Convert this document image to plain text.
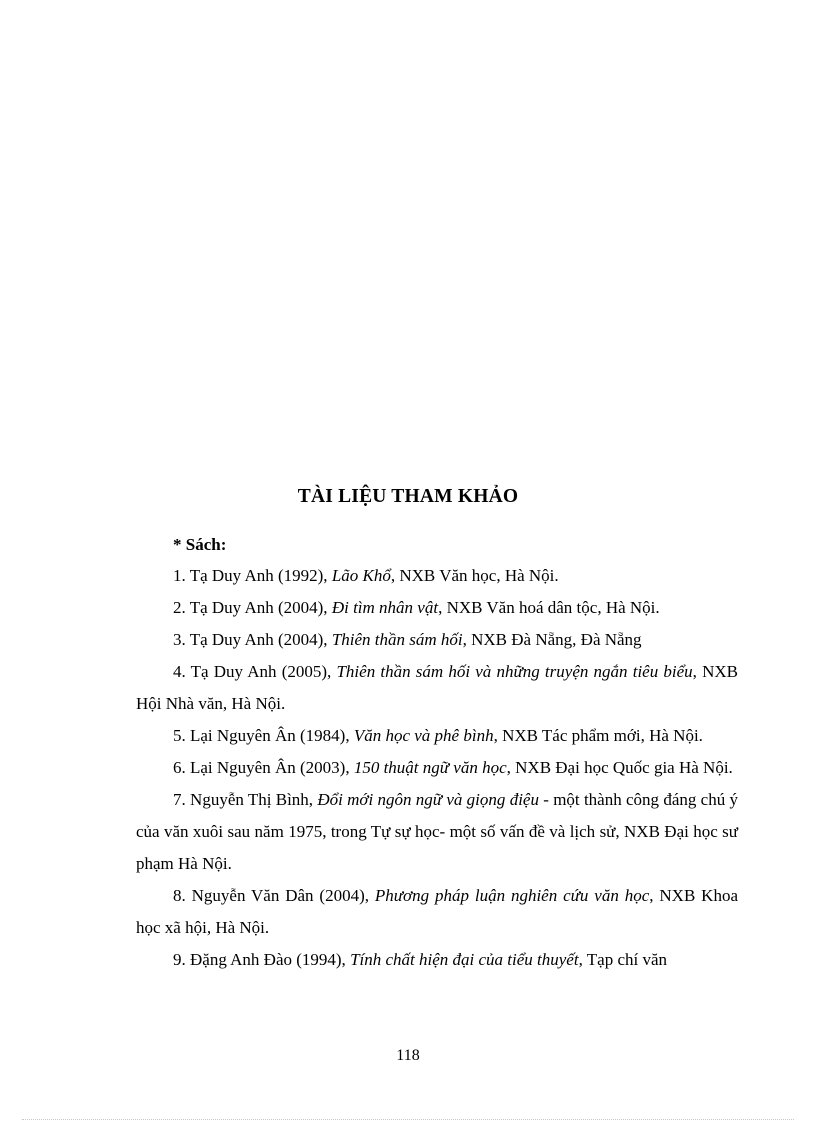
TÀI LIỆU THAM KHẢO

* Sách:

1. Tạ Duy Anh (1992), Lão Khổ, NXB Văn học, Hà Nội.
2. Tạ Duy Anh (2004), Đi tìm nhân vật, NXB Văn hoá dân tộc, Hà Nội.
3. Tạ Duy Anh (2004), Thiên thần sám hối, NXB Đà Nẵng, Đà Nẵng
4. Tạ Duy Anh (2005), Thiên thần sám hối và những truyện ngắn tiêu biểu, NXB Hội Nhà văn, Hà Nội.
5. Lại Nguyên Ân (1984), Văn học và phê bình, NXB Tác phẩm mới, Hà Nội.
6. Lại Nguyên Ân (2003), 150 thuật ngữ văn học, NXB Đại học Quốc gia Hà Nội.
7. Nguyễn Thị Bình, Đổi mới ngôn ngữ và giọng điệu - một thành công đáng chú ý của văn xuôi sau năm 1975, trong Tự sự học- một số vấn đề và lịch sử, NXB Đại học sư phạm Hà Nội.
8. Nguyễn Văn Dân (2004), Phương pháp luận nghiên cứu văn học, NXB Khoa học xã hội, Hà Nội.
9. Đặng Anh Đào (1994), Tính chất hiện đại của tiểu thuyết, Tạp chí văn

118
